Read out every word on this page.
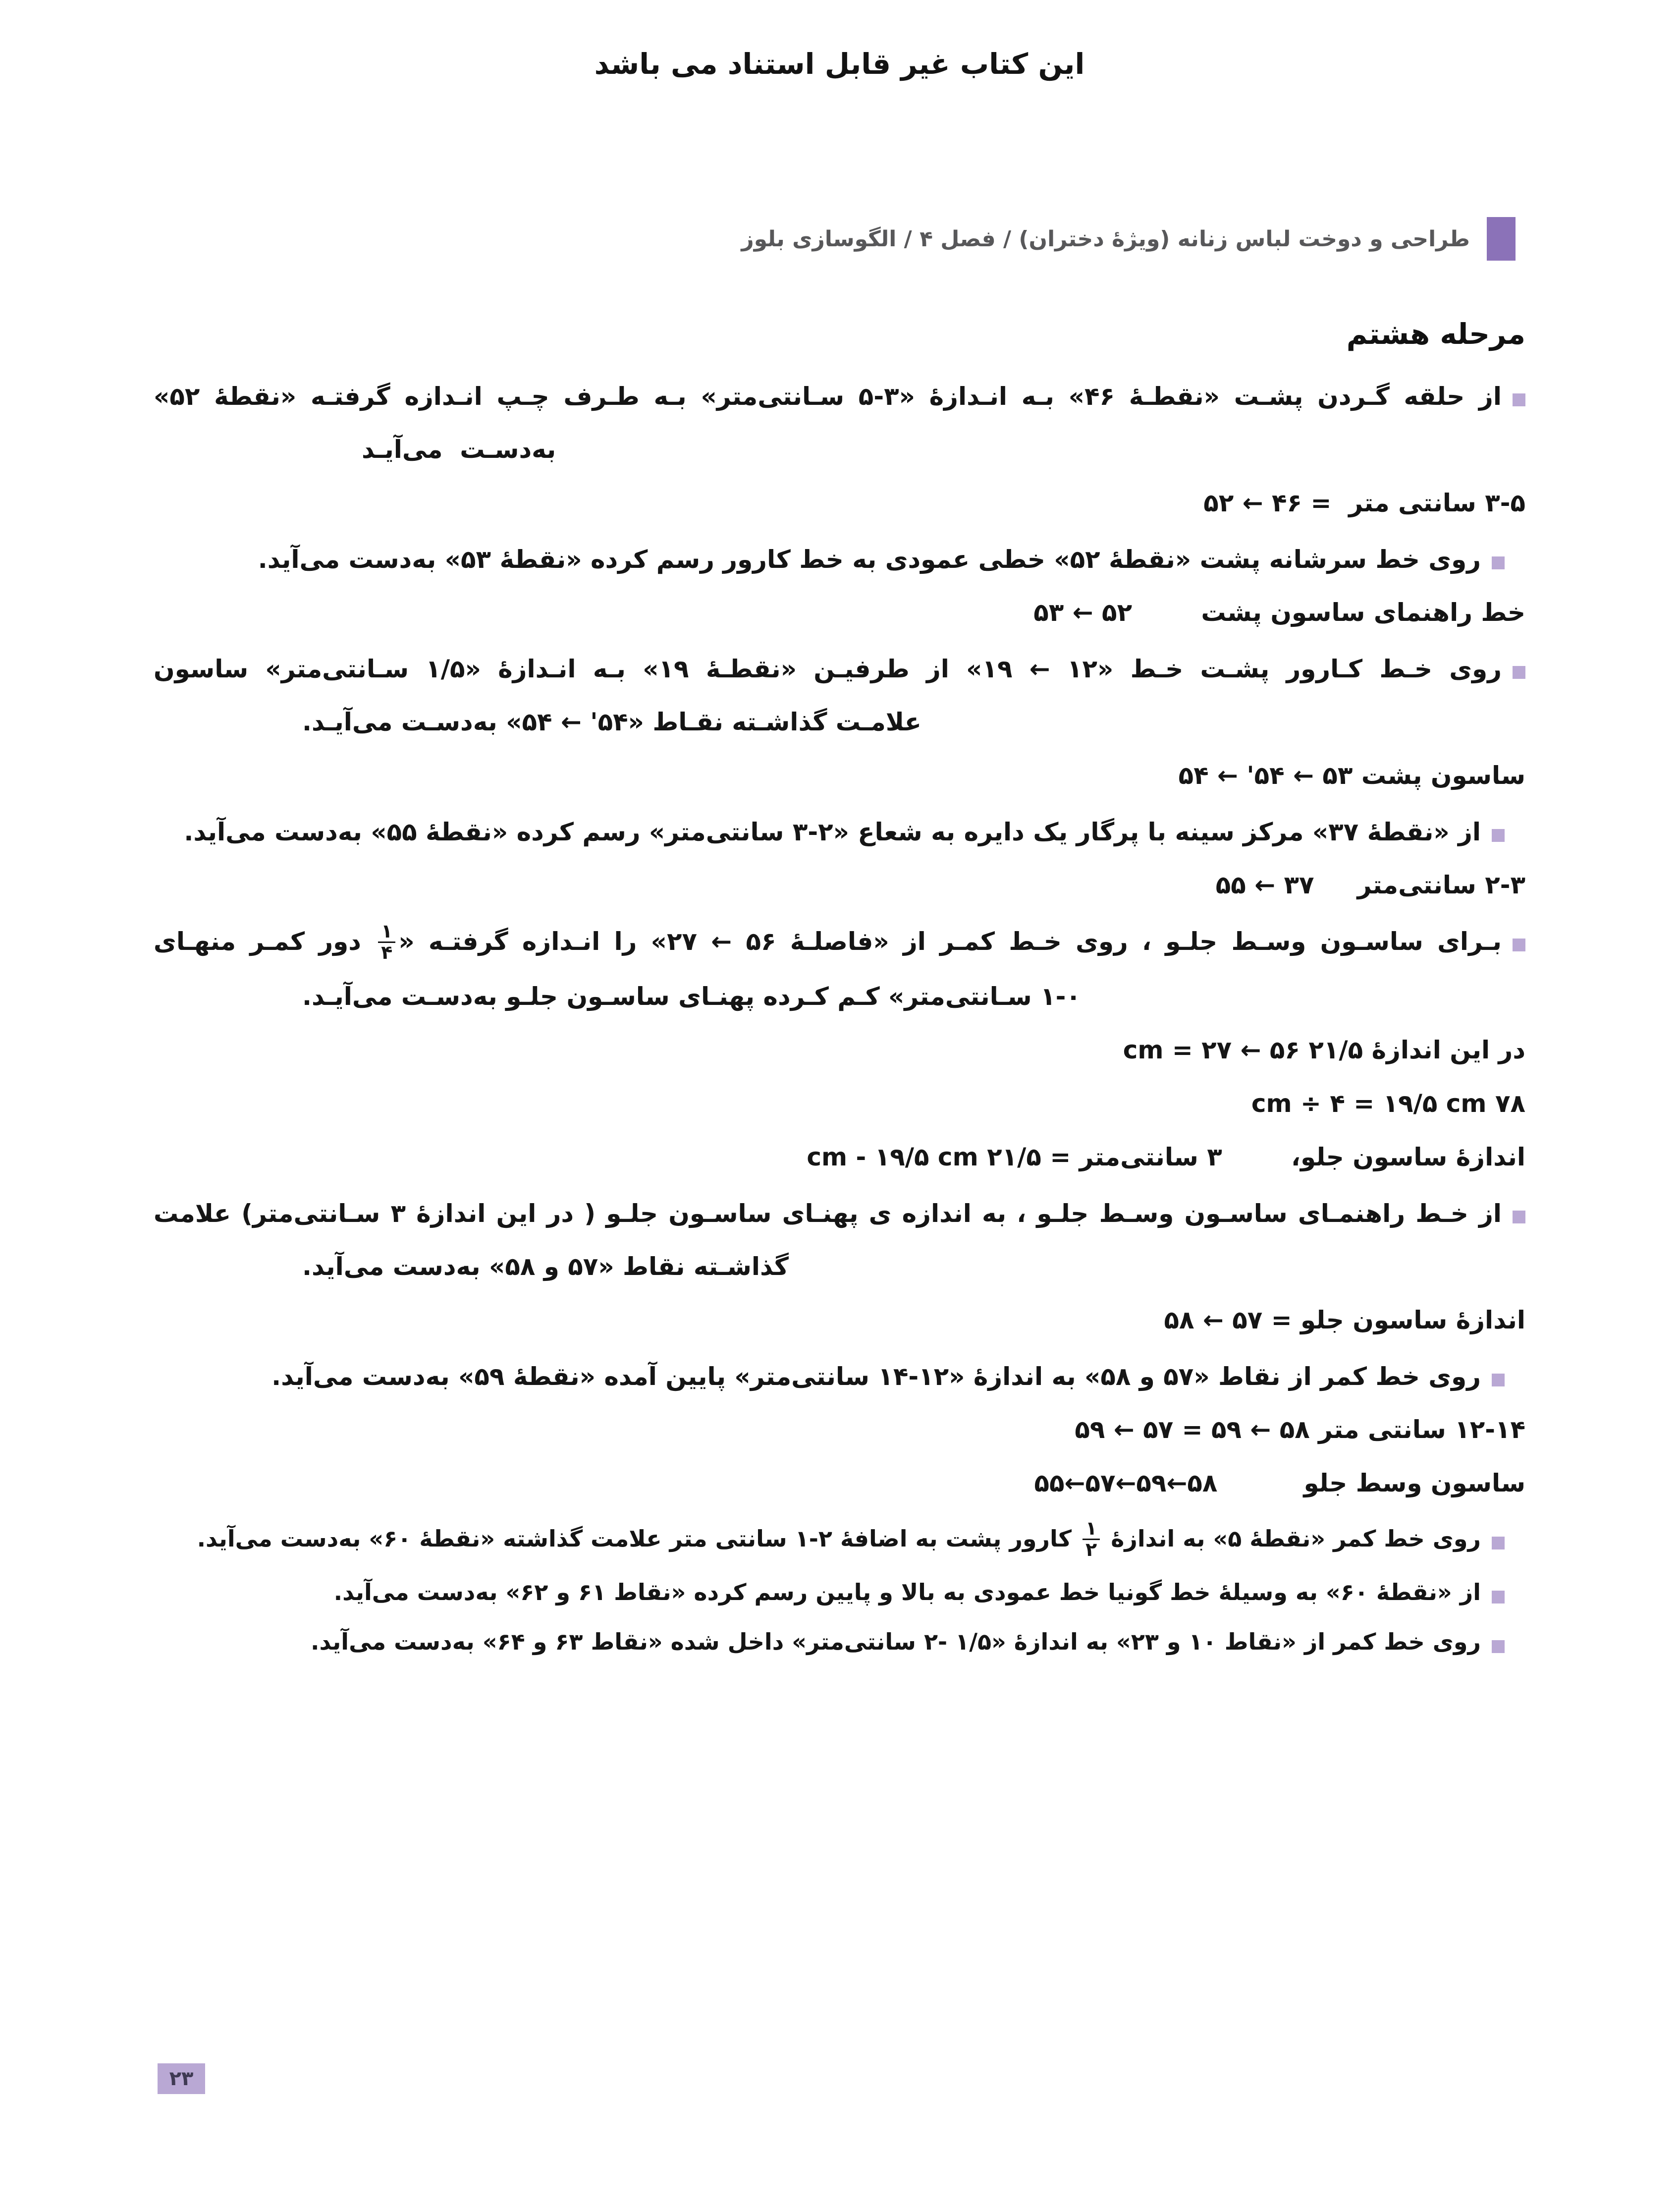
این کتاب غیر قابل استناد می باشد
طراحی و دوخت لباس زنانه (ویژهٔ دختران) / فصل ۴ / الگوسازی بلوز
مرحله هشتم
از حلقه گـردن پشـت «نقطـهٔ ۴۶» بـه انـدازهٔ «۳-۵ سـانتی‌متر» بـه طـرف چـپ انـدازه گرفتـه «نقطهٔ ۵۲»
به‌دسـت  می‌آیـد
۳-۵ سانتی متر  = ۴۶ ← ۵۲
روی خط سرشانه پشت «نقطهٔ ۵۲» خطی عمودی به خط کارور رسم کرده «نقطهٔ ۵۳» به‌دست می‌آید.
خط راهنمای ساسون پشت        ۵۲ ← ۵۳
روی خـط کـارور پشـت خـط «۱۲ ← ۱۹» از طرفیـن «نقطـهٔ ۱۹» بـه انـدازهٔ «۱/۵ سـانتی‌متر» ساسون
علامـت گذاشـته نقـاط «۵۴' ← ۵۴» به‌دسـت می‌آیـد.
ساسون پشت ۵۳ ← ۵۴' ← ۵۴
از «نقطهٔ ۳۷» مرکز سینه با پرگار یک دایره به شعاع «۲-۳ سانتی‌متر» رسم کرده «نقطهٔ ۵۵» به‌دست می‌آید.
۲-۳ سانتی‌متر     ۳۷ ← ۵۵
بـرای ساسـون وسـط جلـو ، روی خـط کمـر از «فاصلـهٔ ۵۶ ← ۲۷» را انـدازه گرفتـه «
$\frac{۱}{۴}$
دور کمـر منهـای
۱-۰ سـانتی‌متر» کـم کـرده پهنـای ساسـون جلـو به‌دسـت می‌آیـد.
در این اندازهٔ ۲۱/۵ cm = ۲۷ ← ۵۶
۷۸ cm ÷ ۴ = ۱۹/۵ cm
اندازهٔ ساسون جلو،        ۳ سانتی‌متر = ۲۱/۵ cm - ۱۹/۵ cm
از خـط راهنمـای ساسـون وسـط جلـو ، به اندازه ی پهنـای ساسـون جلـو ( در این اندازهٔ ۳ سـانتی‌متر) علامت
گذاشـته نقاط «۵۷ و ۵۸» به‌دست می‌آید.
اندازهٔ ساسون جلو = ۵۷ ← ۵۸
روی خط کمر از نقاط «۵۷ و ۵۸» به اندازهٔ «۱۲-۱۴ سانتی‌متر» پایین آمده «نقطهٔ ۵۹» به‌دست می‌آید.
۱۲-۱۴ سانتی متر ۵۸ ← ۵۹ = ۵۷ ← ۵۹
ساسون وسط جلو          ۵۸←۵۹←۵۷←۵۵
روی خط کمر «نقطهٔ ۵» به اندازهٔ
$\frac{۱}{۲}$
کارور پشت به اضافهٔ ۲-۱ سانتی متر علامت گذاشته «نقطهٔ ۶۰» به‌دست می‌آید.
از «نقطهٔ ۶۰» به وسیلهٔ خط گونیا خط عمودی به بالا و پایین رسم کرده «نقاط ۶۱ و ۶۲» به‌دست می‌آید.
روی خط کمر از «نقاط ۱۰ و ۲۳» به اندازهٔ «۱/۵ -۲ سانتی‌متر» داخل شده «نقاط ۶۳ و ۶۴» به‌دست می‌آید.
۲۳
